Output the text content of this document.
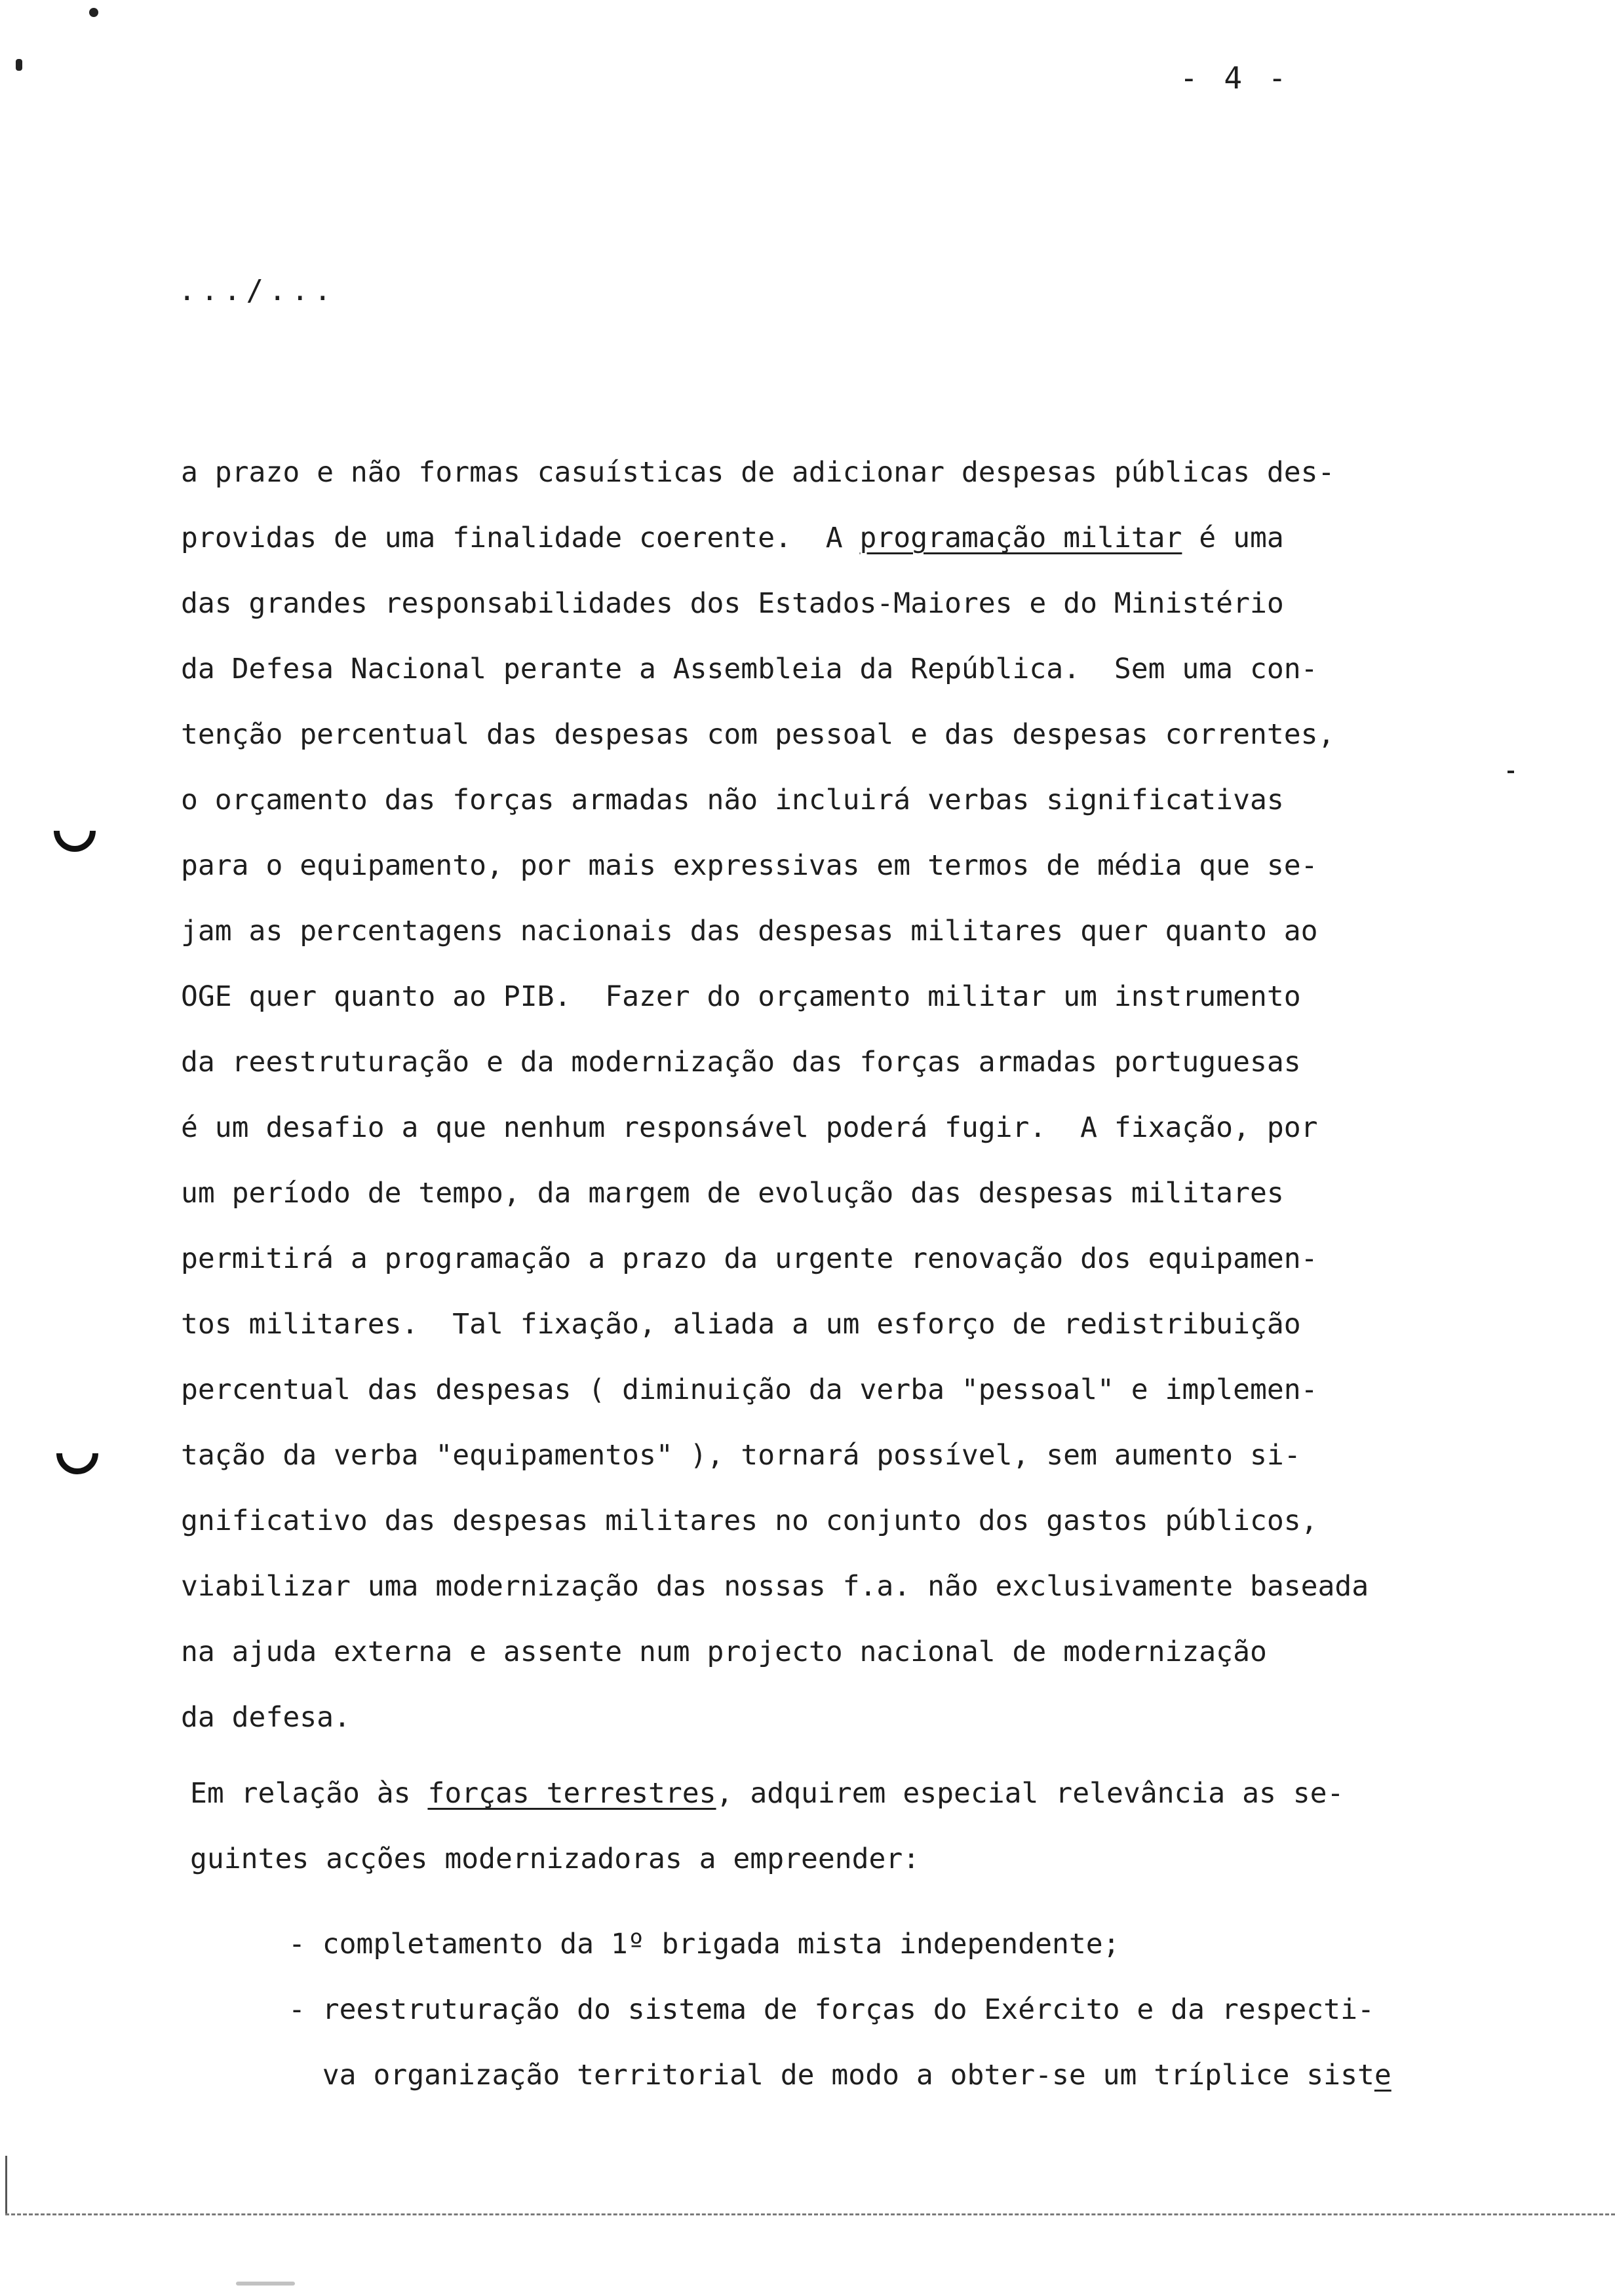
- 4 -
.../...
a prazo e não formas casuísticas de adicionar despesas públicas des-
providas de uma finalidade coerente.  A programação militar é uma
das grandes responsabilidades dos Estados-Maiores e do Ministério
da Defesa Nacional perante a Assembleia da República.  Sem uma con-
tenção percentual das despesas com pessoal e das despesas correntes,
o orçamento das forças armadas não incluirá verbas significativas
para o equipamento, por mais expressivas em termos de média que se-
jam as percentagens nacionais das despesas militares quer quanto ao
OGE quer quanto ao PIB.  Fazer do orçamento militar um instrumento
da reestruturação e da modernização das forças armadas portuguesas
é um desafio a que nenhum responsável poderá fugir.  A fixação, por
um período de tempo, da margem de evolução das despesas militares
permitirá a programação a prazo da urgente renovação dos equipamen-
tos militares.  Tal fixação, aliada a um esforço de redistribuição
percentual das despesas ( diminuição da verba "pessoal" e implemen-
tação da verba "equipamentos" ), tornará possível, sem aumento si-
gnificativo das despesas militares no conjunto dos gastos públicos,
viabilizar uma modernização das nossas f.a. não exclusivamente baseada
na ajuda externa e assente num projecto nacional de modernização
da defesa.
Em relação às forças terrestres, adquirem especial relevância as se-
guintes acções modernizadoras a empreender:
- completamento da 1º brigada mista independente;
- reestruturação do sistema de forças do Exército e da respecti-
va organização territorial de modo a obter-se um tríplice siste
